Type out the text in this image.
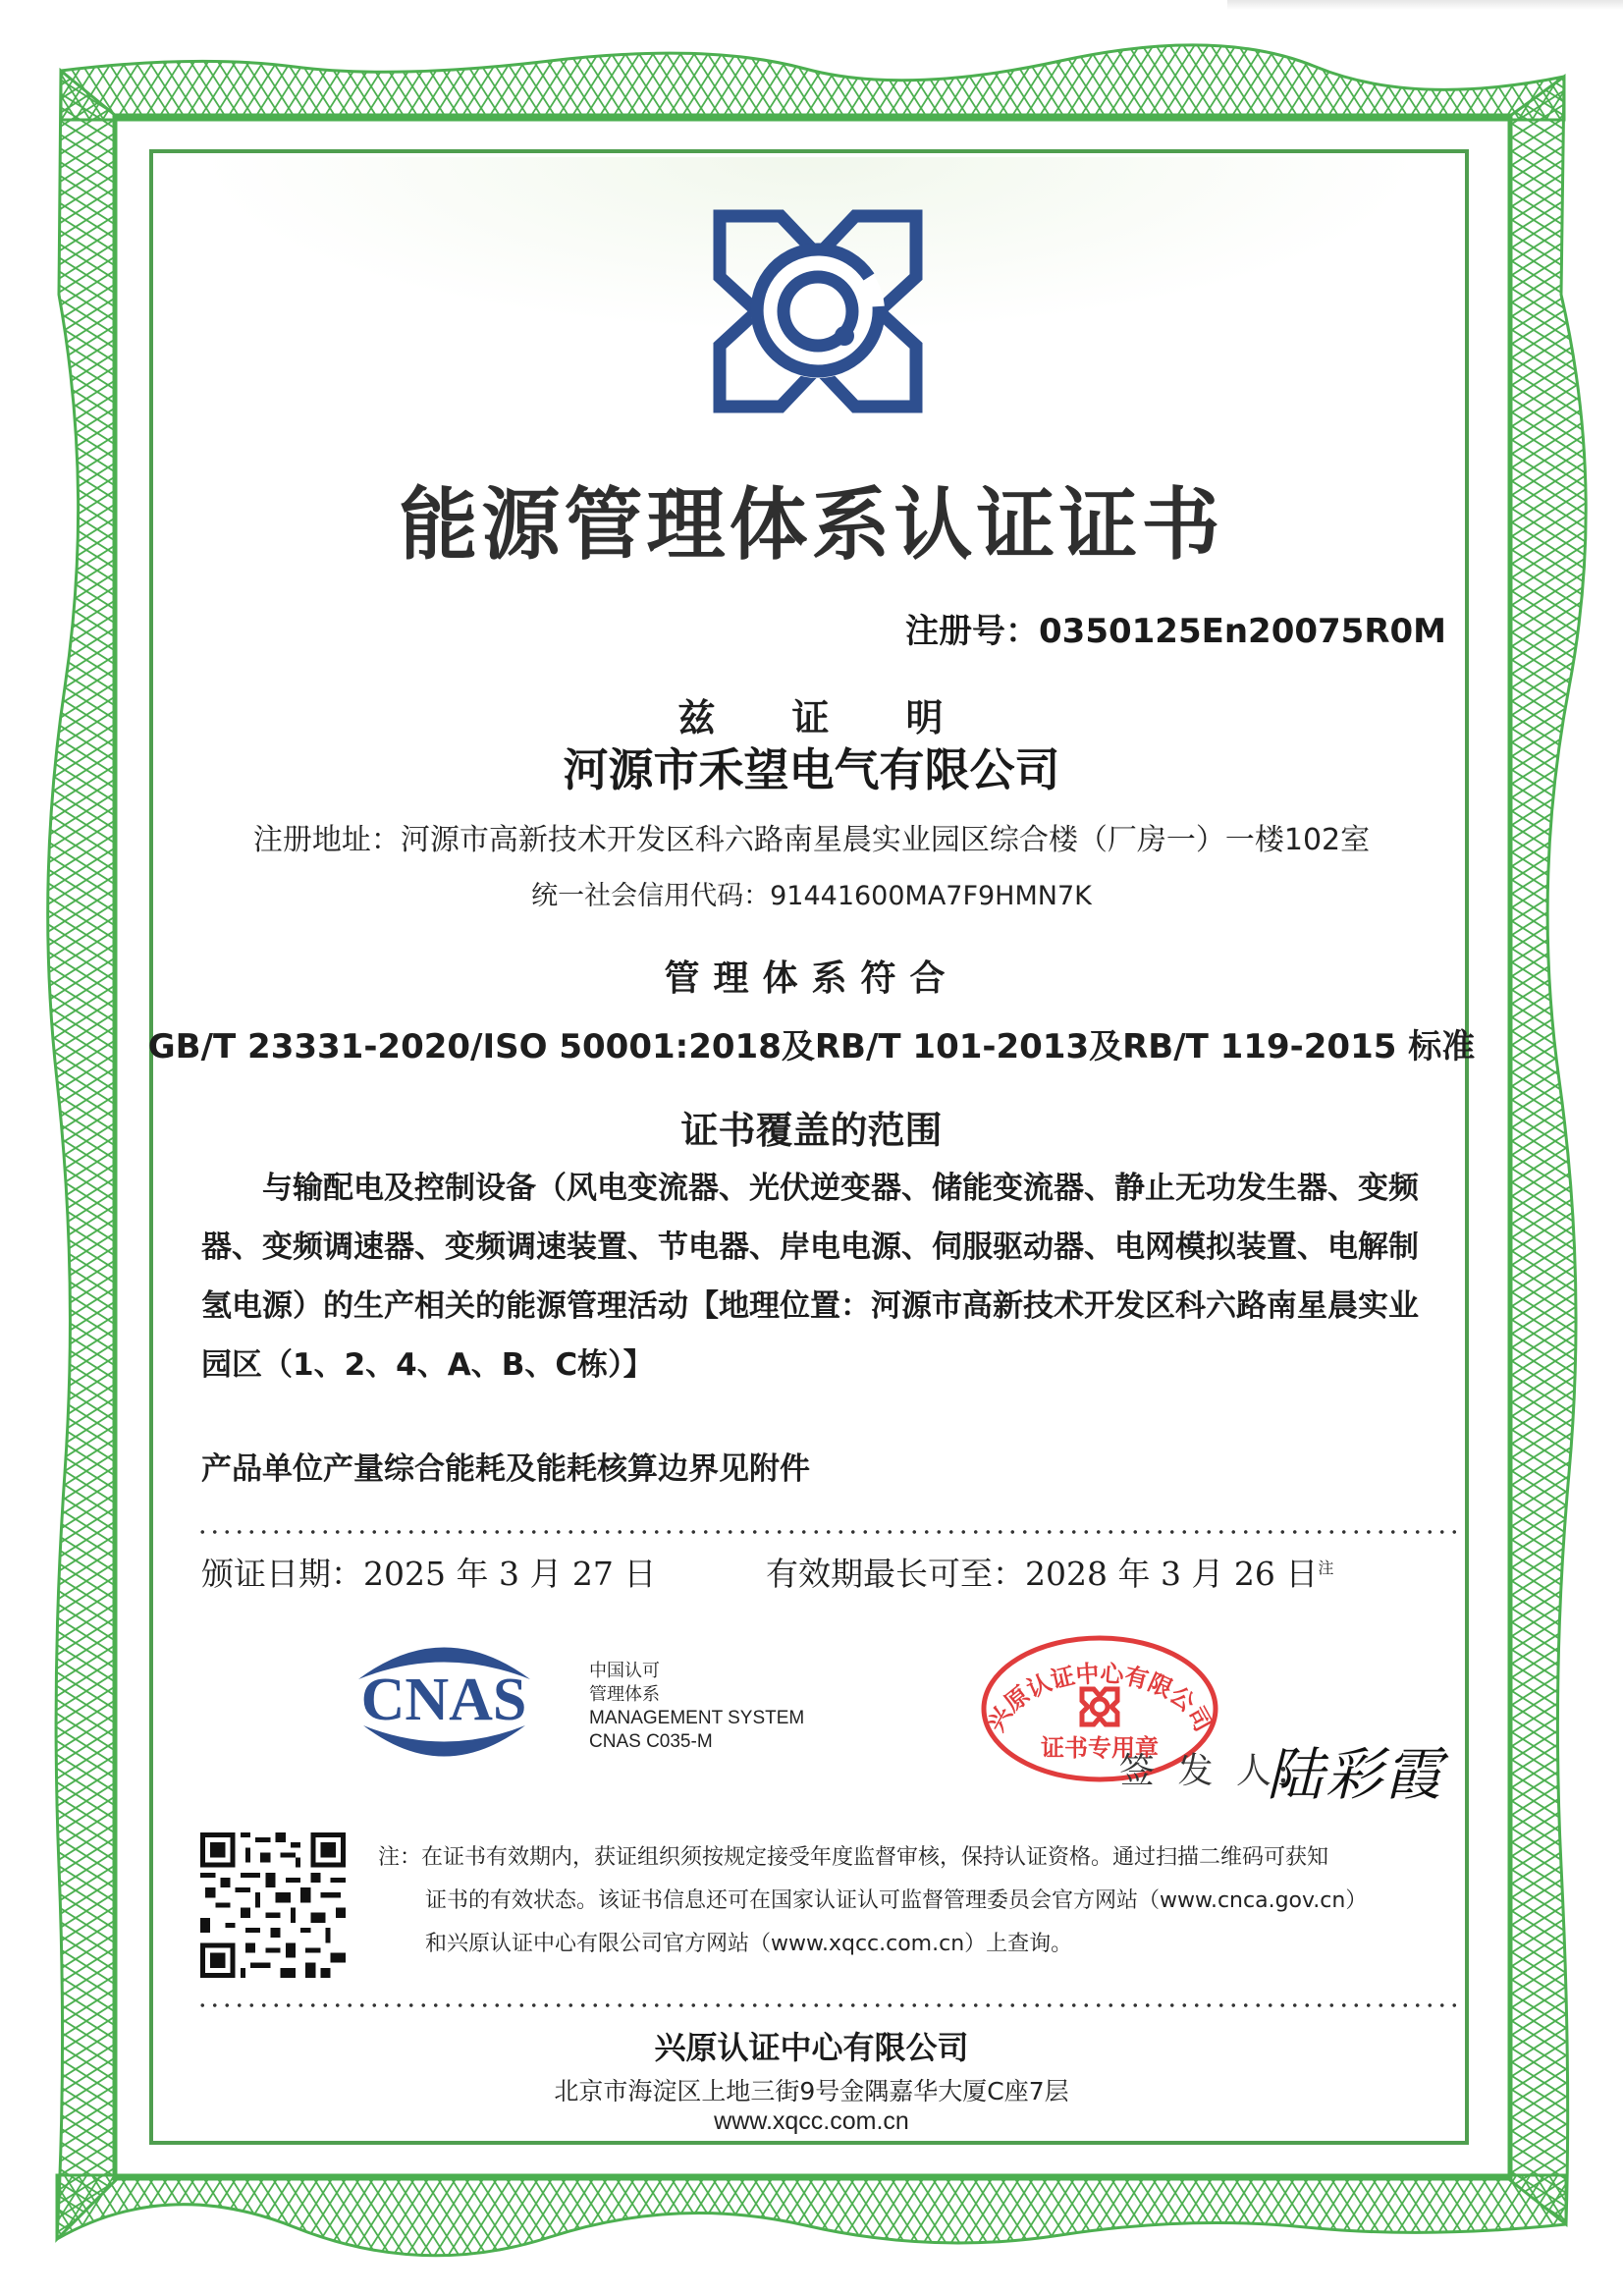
能源管理体系认证证书
注册号：0350125En20075R0M
兹 证 明
河源市禾望电气有限公司
注册地址：河源市高新技术开发区科六路南星晨实业园区综合楼（厂房一）一楼102室
统一社会信用代码：91441600MA7F9HMN7K
管理体系符合
GB/T 23331-2020/ISO 50001:2018及RB/T 101-2013及RB/T 119-2015 标准
证书覆盖的范围
与输配电及控制设备（风电变流器、光伏逆变器、储能变流器、静止无功发生器、变频器、变频调速器、变频调速装置、节电器、岸电电源、伺服驱动器、电网模拟装置、电解制氢电源）的生产相关的能源管理活动【地理位置：河源市高新技术开发区科六路南星晨实业园区（1、2、4、A、B、C栋）】
产品单位产量综合能耗及能耗核算边界见附件
颁证日期：2025 年 3 月 27 日	有效期最长可至：2028 年 3 月 26 日$^注$
CNAS	中国认可
管理体系
MANAGEMENT SYSTEM
CNAS C035-M
兴原认证中心有限公司
证书专用章
签 发 人:
陆彩霞
注：在证书有效期内，获证组织须按规定接受年度监督审核，保持认证资格。通过扫描二维码可获知
证书的有效状态。该证书信息还可在国家认证认可监督管理委员会官方网站（www.cnca.gov.cn）
和兴原认证中心有限公司官方网站（www.xqcc.com.cn）上查询。
兴原认证中心有限公司
北京市海淀区上地三街9号金隅嘉华大厦C座7层
www.xqcc.com.cn
